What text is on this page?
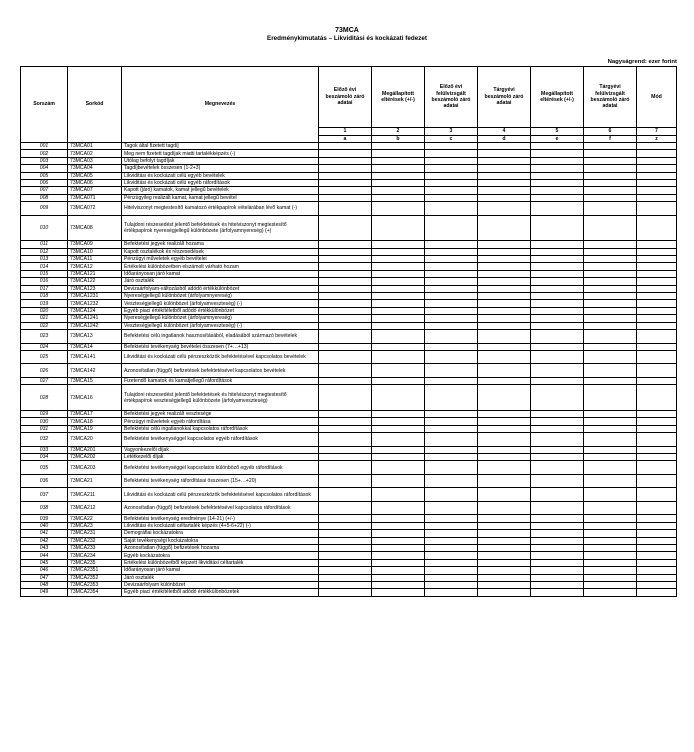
73MCA
Eredménykimutatás – Likviditási és kockázati fedezet
Nagyságrend: ezer forint
Sorszám	Sorkód	Megnevezés	Előző évi beszámoló záró adatai	Megállapított eltérések (+/-)	Előző évi felülvizsgált beszámoló záró adatai	Tárgyévi beszámoló záró adatai	Megállapított eltérések (+/-)	Tárgyévi felülvizsgált beszámoló záró adatai	Mód
			1	2	3	4	5	6	7
			a	b	c	d	e	f	z
001	73MCA01	Tagok által fizetett tagdíj							
002	73MCA02	Meg nem fizetett tagdíjak miatti tartalékképzés (-)							
003	73MCA03	Utólag befolyt tagdíjak							
004	73MCA04	Tagdíjbevételek összesen (1-2+3)							
005	73MCA05	Likviditási és kockázati célú egyéb bevételek							
006	73MCA06	Likviditási és kockázati célú egyéb ráfordítások							
007	73MCA07	Kapott (járó) kamatok, kamat jellegű bevételek							
008	73MCA071	Pénzügyileg realizált kamat, kamat jellegű bevétel							
009	73MCA072	Hitelviszonyt megtestesítő kamatozó értékpapírok vételárában lévő kamat (-)							
010	73MCA08	Tulajdoni részesedést jelentő befektetések és hitelviszonyt megtestesítő értékpapírok nyereségjellegű különbözete (árfolyamnyereség) (+)							
011	73MCA09	Befektetési jegyek realizált hozama							
012	73MCA10	Kapott osztalékok és részesedések							
013	73MCA11	Pénzügyi műveletek egyéb bevételei							
014	73MCA12	Értékelési különbözetben elszámolt várható hozam							
015	73MCA121	Időarányosan járó kamat							
016	73MCA122	Járó osztalék							
017	73MCA123	Devizaárfolyam-változásból adódó értékkülönbözet							
018	73MCA1231	Nyereségjellegű különbözet (árfolyamnyereség)							
019	73MCA1232	Veszteségjellegű különbözet (árfolyamveszteség) (-)							
020	73MCA124	Egyéb piaci értékítéletből adódó értékkülönbözet							
021	73MCA1241	Nyereségjellegű különbözet (árfolyamnyereség)							
022	73MCA1242	Veszteségjellegű különbözet (árfolyamveszteség) (-)							
023	73MCA13	Befektetési célú ingatlanok hasznosításából, eladásából származó bevételek							
024	73MCA14	Befektetési tevékenység bevételei összesen (7+…+13)							
025	73MCA141	Likviditási és kockázati célú pénzeszközök befektetésével kapcsolatos bevételek							
026	73MCA142	Azonosítatlan (függő) befizetések befektetésével kapcsolatos bevételek							
027	73MCA15	Fizetendő kamatok és kamatjellegű ráfordítások							
028	73MCA16	Tulajdoni részesedést jelentő befektetések és hitelviszonyt megtestesítő értékpapírok veszteségjellegű különbözete (árfolyamveszteség)							
029	73MCA17	Befektetési jegyek realizált vesztesége							
030	73MCA18	Pénzügyi műveletek egyéb ráfordítása							
031	73MCA19	Befektetési célú ingatlanokkal kapcsolatos ráfordítások							
032	73MCA20	Befektetési tevékenységgel kapcsolatos egyéb ráfordítások							
033	73MCA201	Vagyonkezelői díjak							
034	73MCA202	Letétkezelői díjak							
035	73MCA203	Befektetési tevékenységgel kapcsolatos különböző egyéb ráfordítások							
036	73MCA21	Befektetési tevékenység ráfordításai összesen (15+…+20)							
037	73MCA211	Likviditási és kockázati célú pénzeszközök befektetésével kapcsolatos ráfordítások							
038	73MCA212	Azonosítatlan (függő) befizetések befektetésével kapcsolatos ráfordítások							
039	73MCA22	Befektetési tevékenység eredménye (14-21) (+/-)							
040	73MCA23	Likviditási és kockázati céltartalék képzés (4+5-6+22) (-)							
041	73MCA231	Demográfiai kockázatokra							
042	73MCA232	Saját tevékenységi kockázatokra							
043	73MCA233	Azonosítatlan (függő) befizetések hozama							
044	73MCA234	Egyéb kockázatokra							
045	73MCA235	Értékelési különbözetből képzett likviditási céltartalék							
046	73MCA2351	Időarányosan járó kamat							
047	73MCA2352	Járó osztalék							
048	73MCA2353	Devizaárfolyam különbözet							
049	73MCA2354	Egyéb piaci értékítéletből adódó értékkülönbözetek							
